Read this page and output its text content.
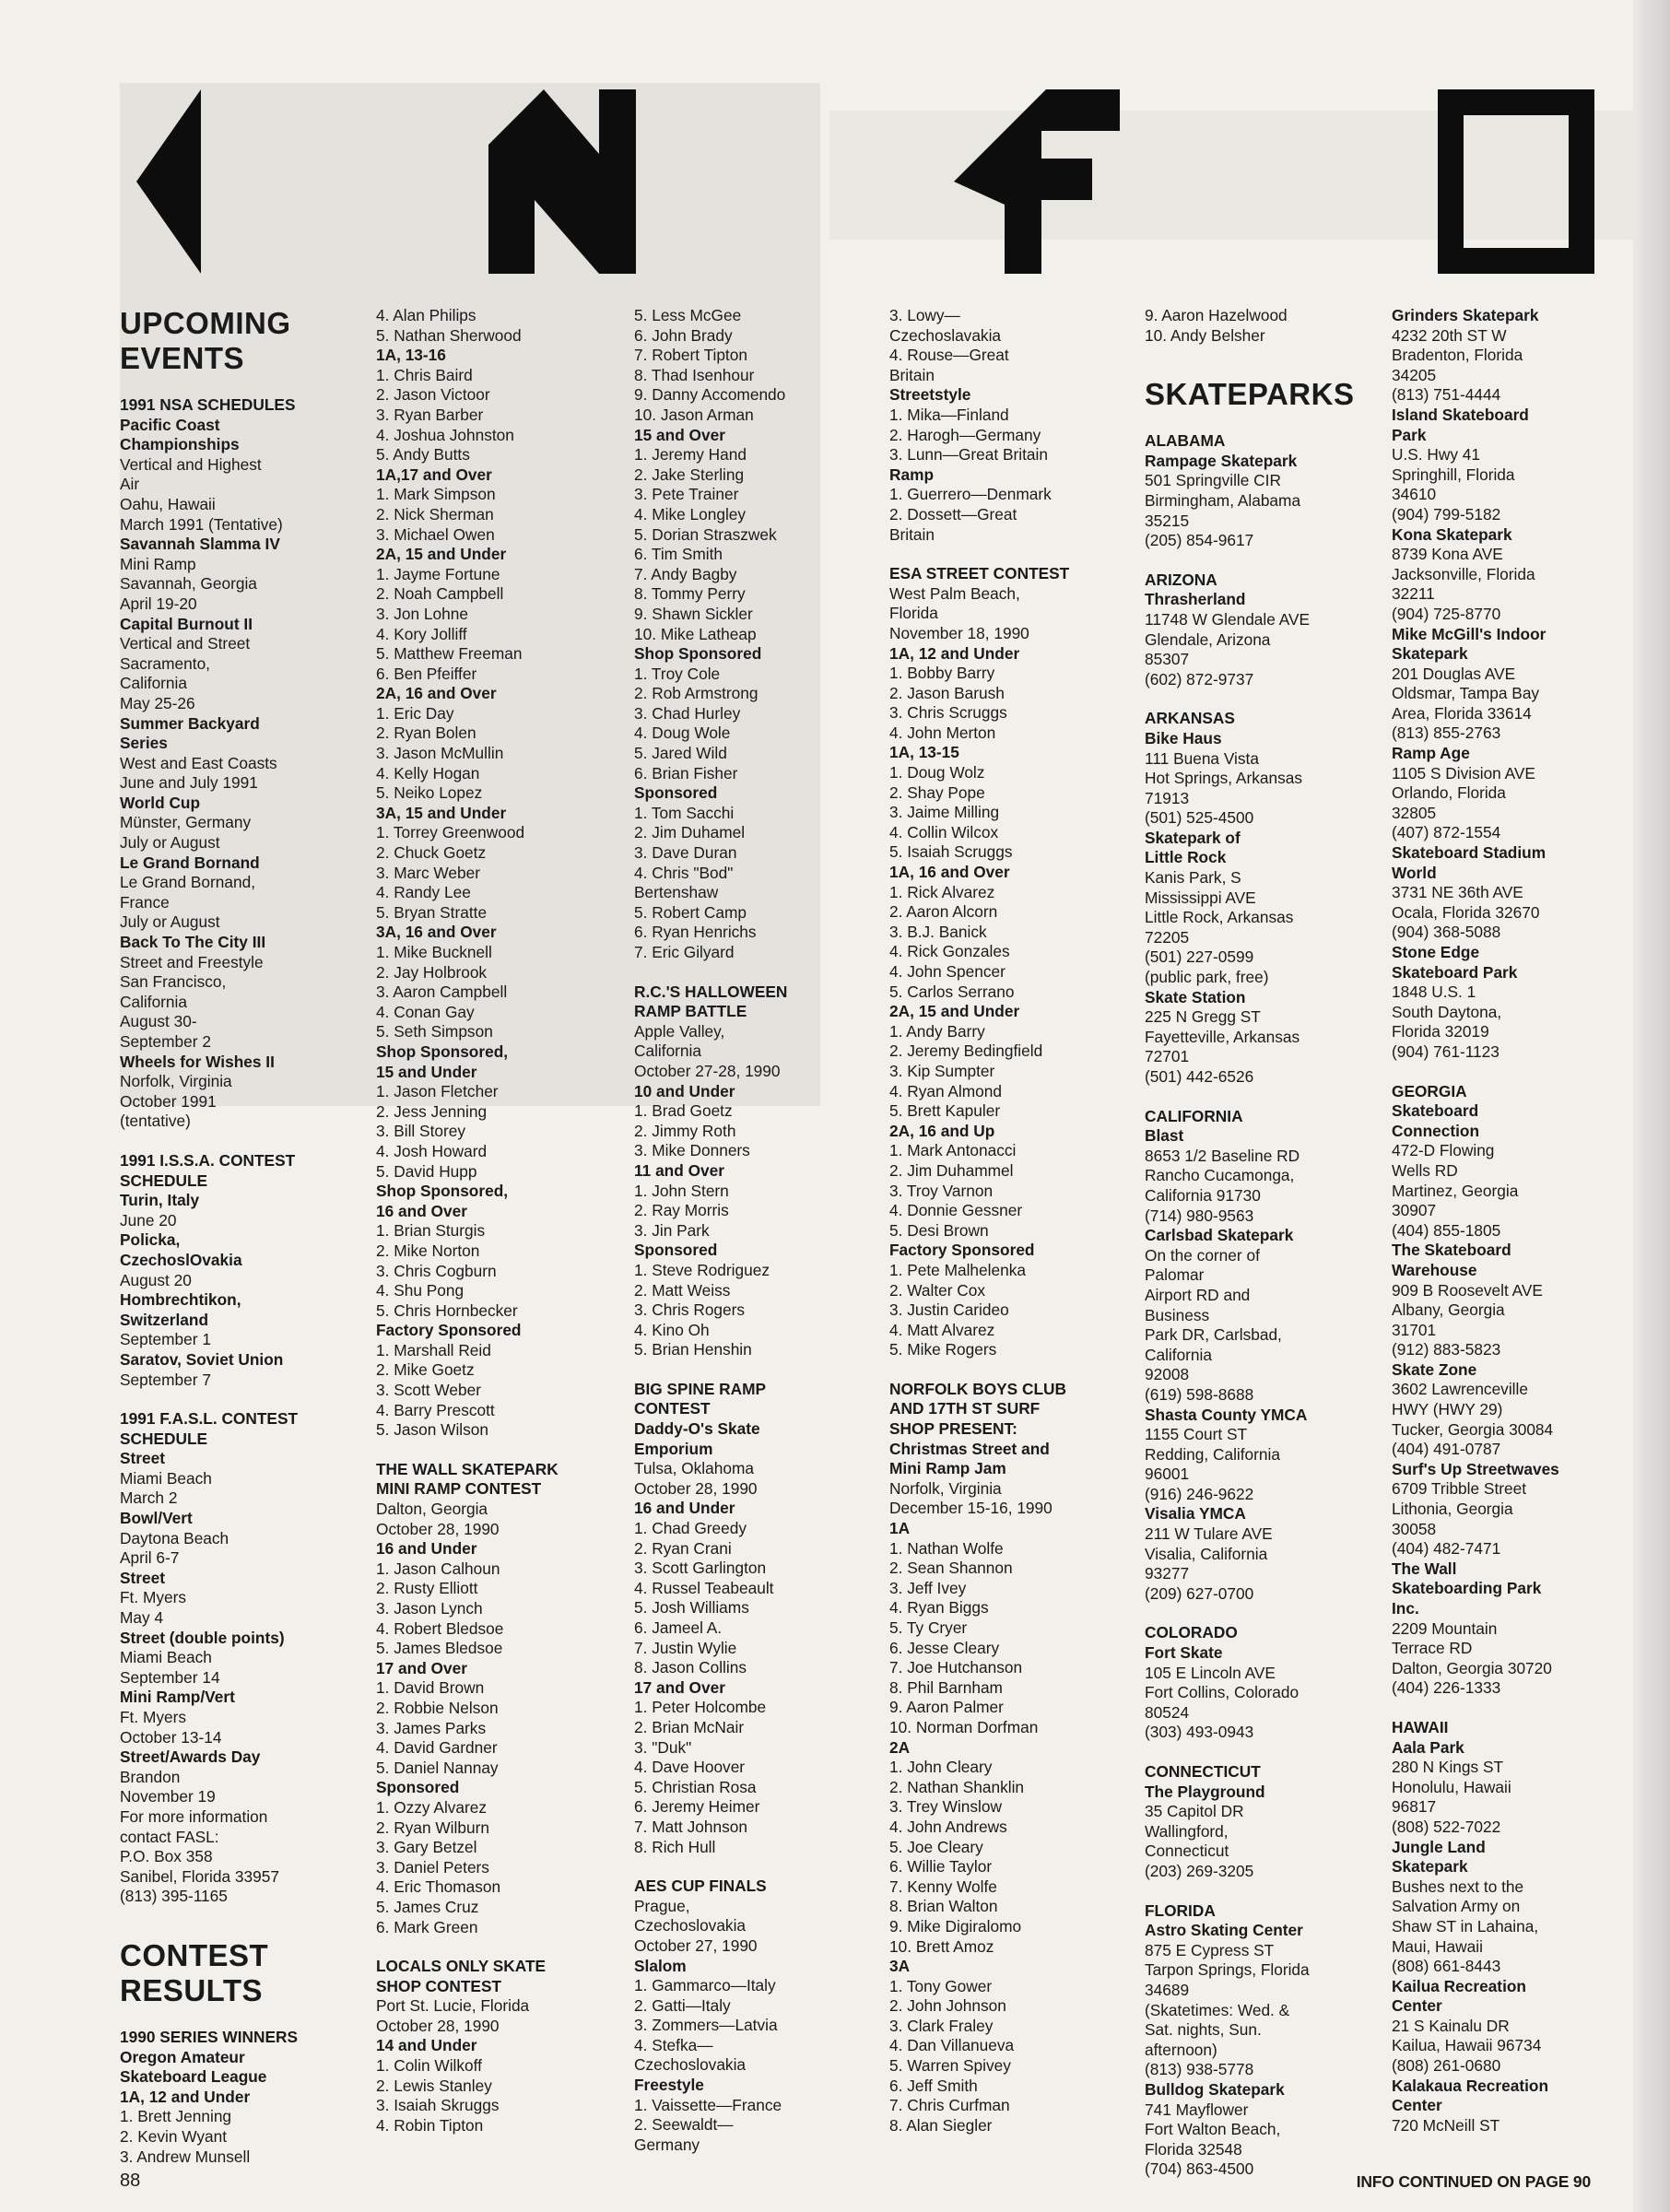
UPCOMING
EVENTS
1991 NSA SCHEDULES
Pacific Coast
Championships
Vertical and Highest
Air
Oahu, Hawaii
March 1991 (Tentative)
Savannah Slamma IV
Mini Ramp
Savannah, Georgia
April 19-20
Capital Burnout II
Vertical and Street
Sacramento,
California
May 25-26
Summer Backyard
Series
West and East Coasts
June and July 1991
World Cup
Münster, Germany
July or August
Le Grand Bornand
Le Grand Bornand,
France
July or August
Back To The City III
Street and Freestyle
San Francisco,
California
August 30-
September 2
Wheels for Wishes II
Norfolk, Virginia
October 1991
(tentative)
1991 I.S.S.A. CONTEST
SCHEDULE
Turin, Italy
June 20
Policka,
CzechoslOvakia
August 20
Hombrechtikon,
Switzerland
September 1
Saratov, Soviet Union
September 7
1991 F.A.S.L. CONTEST
SCHEDULE
Street
Miami Beach
March 2
Bowl/Vert
Daytona Beach
April 6-7
Street
Ft. Myers
May 4
Street (double points)
Miami Beach
September 14
Mini Ramp/Vert
Ft. Myers
October 13-14
Street/Awards Day
Brandon
November 19
For more information
contact FASL:
P.O. Box 358
Sanibel, Florida 33957
(813) 395-1165
CONTEST
RESULTS
1990 SERIES WINNERS
Oregon Amateur
Skateboard League
1A, 12 and Under
1. Brett Jenning
2. Kevin Wyant
3. Andrew Munsell
4. Alan Philips
5. Nathan Sherwood
1A, 13-16
1. Chris Baird
2. Jason Victoor
3. Ryan Barber
4. Joshua Johnston
5. Andy Butts
1A,17 and Over
1. Mark Simpson
2. Nick Sherman
3. Michael Owen
2A, 15 and Under
1. Jayme Fortune
2. Noah Campbell
3. Jon Lohne
4. Kory Jolliff
5. Matthew Freeman
6. Ben Pfeiffer
2A, 16 and Over
1. Eric Day
2. Ryan Bolen
3. Jason McMullin
4. Kelly Hogan
5. Neiko Lopez
3A, 15 and Under
1. Torrey Greenwood
2. Chuck Goetz
3. Marc Weber
4. Randy Lee
5. Bryan Stratte
3A, 16 and Over
1. Mike Bucknell
2. Jay Holbrook
3. Aaron Campbell
4. Conan Gay
5. Seth Simpson
Shop Sponsored,
15 and Under
1. Jason Fletcher
2. Jess Jenning
3. Bill Storey
4. Josh Howard
5. David Hupp
Shop Sponsored,
16 and Over
1. Brian Sturgis
2. Mike Norton
3. Chris Cogburn
4. Shu Pong
5. Chris Hornbecker
Factory Sponsored
1. Marshall Reid
2. Mike Goetz
3. Scott Weber
4. Barry Prescott
5. Jason Wilson
THE WALL SKATEPARK
MINI RAMP CONTEST
Dalton, Georgia
October 28, 1990
16 and Under
1. Jason Calhoun
2. Rusty Elliott
3. Jason Lynch
4. Robert Bledsoe
5. James Bledsoe
17 and Over
1. David Brown
2. Robbie Nelson
3. James Parks
4. David Gardner
5. Daniel Nannay
Sponsored
1. Ozzy Alvarez
2. Ryan Wilburn
3. Gary Betzel
3. Daniel Peters
4. Eric Thomason
5. James Cruz
6. Mark Green
LOCALS ONLY SKATE
SHOP CONTEST
Port St. Lucie, Florida
October 28, 1990
14 and Under
1. Colin Wilkoff
2. Lewis Stanley
3. Isaiah Skruggs
4. Robin Tipton
5. Less McGee
6. John Brady
7. Robert Tipton
8. Thad Isenhour
9. Danny Accomendo
10. Jason Arman
15 and Over
1. Jeremy Hand
2. Jake Sterling
3. Pete Trainer
4. Mike Longley
5. Dorian Straszwek
6. Tim Smith
7. Andy Bagby
8. Tommy Perry
9. Shawn Sickler
10. Mike Latheap
Shop Sponsored
1. Troy Cole
2. Rob Armstrong
3. Chad Hurley
4. Doug Wole
5. Jared Wild
6. Brian Fisher
Sponsored
1. Tom Sacchi
2. Jim Duhamel
3. Dave Duran
4. Chris "Bod"
Bertenshaw
5. Robert Camp
6. Ryan Henrichs
7. Eric Gilyard
R.C.'S HALLOWEEN
RAMP BATTLE
Apple Valley,
California
October 27-28, 1990
10 and Under
1. Brad Goetz
2. Jimmy Roth
3. Mike Donners
11 and Over
1. John Stern
2. Ray Morris
3. Jin Park
Sponsored
1. Steve Rodriguez
2. Matt Weiss
3. Chris Rogers
4. Kino Oh
5. Brian Henshin
BIG SPINE RAMP
CONTEST
Daddy-O's Skate
Emporium
Tulsa, Oklahoma
October 28, 1990
16 and Under
1. Chad Greedy
2. Ryan Crani
3. Scott Garlington
4. Russel Teabeault
5. Josh Williams
6. Jameel A.
7. Justin Wylie
8. Jason Collins
17 and Over
1. Peter Holcombe
2. Brian McNair
3. "Duk"
4. Dave Hoover
5. Christian Rosa
6. Jeremy Heimer
7. Matt Johnson
8. Rich Hull
AES CUP FINALS
Prague,
Czechoslovakia
October 27, 1990
Slalom
1. Gammarco—Italy
2. Gatti—Italy
3. Zommers—Latvia
4. Stefka—
Czechoslovakia
Freestyle
1. Vaissette—France
2. Seewaldt—
Germany
3. Lowy—
Czechoslavakia
4. Rouse—Great
Britain
Streetstyle
1. Mika—Finland
2. Harogh—Germany
3. Lunn—Great Britain
Ramp
1. Guerrero—Denmark
2. Dossett—Great
Britain
ESA STREET CONTEST
West Palm Beach,
Florida
November 18, 1990
1A, 12 and Under
1. Bobby Barry
2. Jason Barush
3. Chris Scruggs
4. John Merton
1A, 13-15
1. Doug Wolz
2. Shay Pope
3. Jaime Milling
4. Collin Wilcox
5. Isaiah Scruggs
1A, 16 and Over
1. Rick Alvarez
2. Aaron Alcorn
3. B.J. Banick
4. Rick Gonzales
4. John Spencer
5. Carlos Serrano
2A, 15 and Under
1. Andy Barry
2. Jeremy Bedingfield
3. Kip Sumpter
4. Ryan Almond
5. Brett Kapuler
2A, 16 and Up
1. Mark Antonacci
2. Jim Duhammel
3. Troy Varnon
4. Donnie Gessner
5. Desi Brown
Factory Sponsored
1. Pete Malhelenka
2. Walter Cox
3. Justin Carideo
4. Matt Alvarez
5. Mike Rogers
NORFOLK BOYS CLUB
AND 17TH ST SURF
SHOP PRESENT:
Christmas Street and
Mini Ramp Jam
Norfolk, Virginia
December 15-16, 1990
1A
1. Nathan Wolfe
2. Sean Shannon
3. Jeff Ivey
4. Ryan Biggs
5. Ty Cryer
6. Jesse Cleary
7. Joe Hutchanson
8. Phil Barnham
9. Aaron Palmer
10. Norman Dorfman
2A
1. John Cleary
2. Nathan Shanklin
3. Trey Winslow
4. John Andrews
5. Joe Cleary
6. Willie Taylor
7. Kenny Wolfe
8. Brian Walton
9. Mike Digiralomo
10. Brett Amoz
3A
1. Tony Gower
2. John Johnson
3. Clark Fraley
4. Dan Villanueva
5. Warren Spivey
6. Jeff Smith
7. Chris Curfman
8. Alan Siegler
9. Aaron Hazelwood
10. Andy Belsher
SKATEPARKS
ALABAMA
Rampage Skatepark
501 Springville CIR
Birmingham, Alabama
35215
(205) 854-9617
ARIZONA
Thrasherland
11748 W Glendale AVE
Glendale, Arizona
85307
(602) 872-9737
ARKANSAS
Bike Haus
111 Buena Vista
Hot Springs, Arkansas
71913
(501) 525-4500
Skatepark of
Little Rock
Kanis Park, S
Mississippi AVE
Little Rock, Arkansas
72205
(501) 227-0599
(public park, free)
Skate Station
225 N Gregg ST
Fayetteville, Arkansas
72701
(501) 442-6526
CALIFORNIA
Blast
8653 1/2 Baseline RD
Rancho Cucamonga,
California 91730
(714) 980-9563
Carlsbad Skatepark
On the corner of
Palomar
Airport RD and
Business
Park DR, Carlsbad,
California
92008
(619) 598-8688
Shasta County YMCA
1155 Court ST
Redding, California
96001
(916) 246-9622
Visalia YMCA
211 W Tulare AVE
Visalia, California
93277
(209) 627-0700
COLORADO
Fort Skate
105 E Lincoln AVE
Fort Collins, Colorado
80524
(303) 493-0943
CONNECTICUT
The Playground
35 Capitol DR
Wallingford,
Connecticut
(203) 269-3205
FLORIDA
Astro Skating Center
875 E Cypress ST
Tarpon Springs, Florida
34689
(Skatetimes: Wed. &
Sat. nights, Sun.
afternoon)
(813) 938-5778
Bulldog Skatepark
741 Mayflower
Fort Walton Beach,
Florida 32548
(704) 863-4500
Grinders Skatepark
4232 20th ST W
Bradenton, Florida
34205
(813) 751-4444
Island Skateboard
Park
U.S. Hwy 41
Springhill, Florida
34610
(904) 799-5182
Kona Skatepark
8739 Kona AVE
Jacksonville, Florida
32211
(904) 725-8770
Mike McGill's Indoor
Skatepark
201 Douglas AVE
Oldsmar, Tampa Bay
Area, Florida 33614
(813) 855-2763
Ramp Age
1105 S Division AVE
Orlando, Florida
32805
(407) 872-1554
Skateboard Stadium
World
3731 NE 36th AVE
Ocala, Florida 32670
(904) 368-5088
Stone Edge
Skateboard Park
1848 U.S. 1
South Daytona,
Florida 32019
(904) 761-1123
GEORGIA
Skateboard
Connection
472-D Flowing
Wells RD
Martinez, Georgia
30907
(404) 855-1805
The Skateboard
Warehouse
909 B Roosevelt AVE
Albany, Georgia
31701
(912) 883-5823
Skate Zone
3602 Lawrenceville
HWY (HWY 29)
Tucker, Georgia 30084
(404) 491-0787
Surf's Up Streetwaves
6709 Tribble Street
Lithonia, Georgia
30058
(404) 482-7471
The Wall
Skateboarding Park
Inc.
2209 Mountain
Terrace RD
Dalton, Georgia 30720
(404) 226-1333
HAWAII
Aala Park
280 N Kings ST
Honolulu, Hawaii
96817
(808) 522-7022
Jungle Land
Skatepark
Bushes next to the
Salvation Army on
Shaw ST in Lahaina,
Maui, Hawaii
(808) 661-8443
Kailua Recreation
Center
21 S Kainalu DR
Kailua, Hawaii 96734
(808) 261-0680
Kalakaua Recreation
Center
720 McNeill ST
88	INFO CONTINUED ON PAGE 90
